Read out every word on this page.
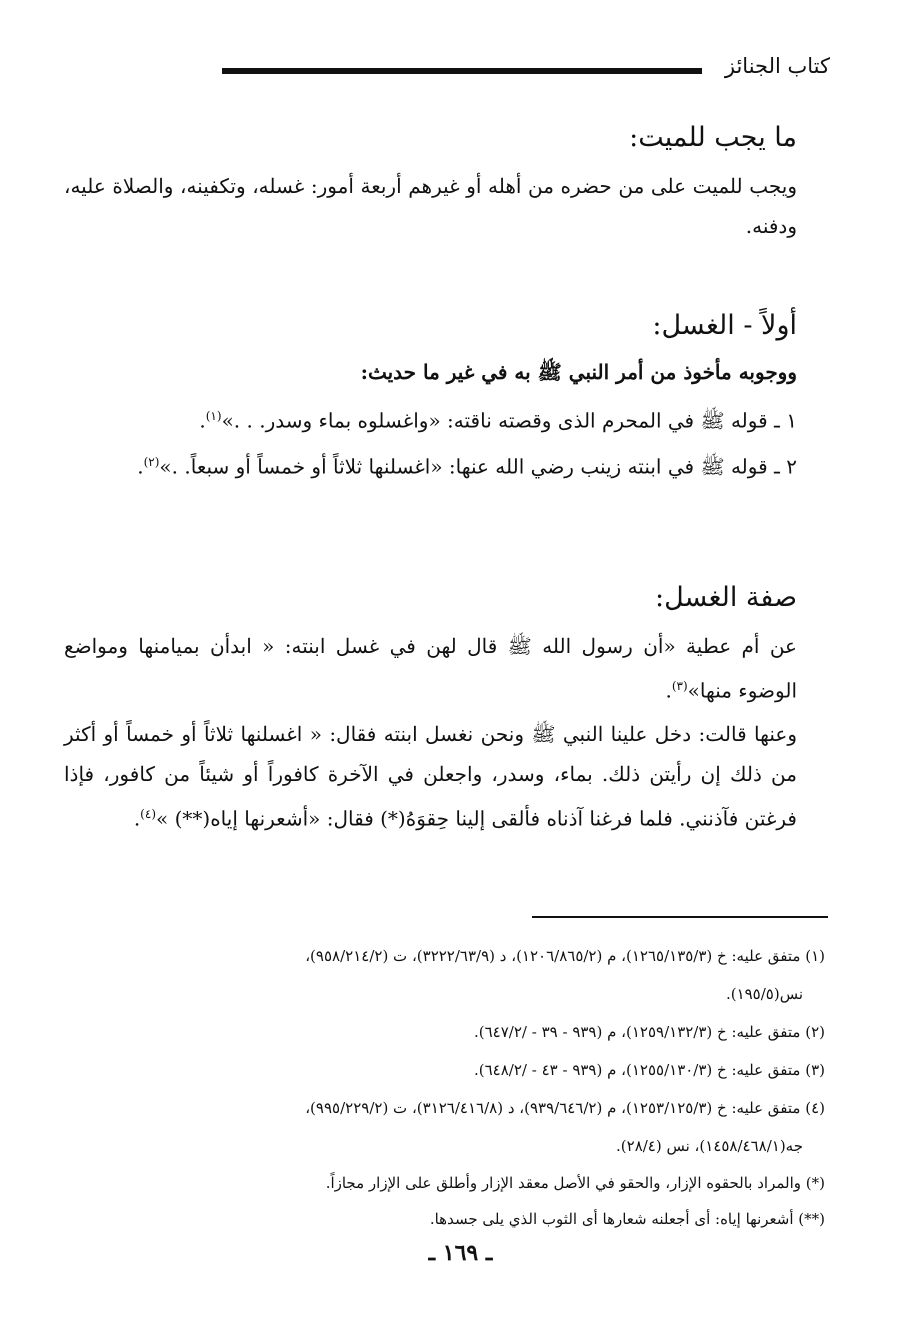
كتاب الجنائز
ما يجب للميت:
ويجب للميت على من حضره من أهله أو غيرهم أربعة أمور: غسله، وتكفينه، والصلاة عليه، ودفنه.
أولاً - الغسل:
ووجوبه مأخوذ من أمر النبي ﷺ به في غير ما حديث:
١ ـ قوله ﷺ في المحرم الذى وقصته ناقته: «واغسلوه بماء وسدر. . .»$^{(١)}$.
٢ ـ قوله ﷺ في ابنته زينب رضي الله عنها: «اغسلنها ثلاثاً أو خمساً أو سبعاً. .»$^{(٢)}$.
صفة الغسل:
عن أم عطية «أن رسول الله ﷺ قال لهن في غسل ابنته: « ابدأن بميامنها ومواضع الوضوء منها»$^{(٣)}$.
وعنها قالت: دخل علينا النبي ﷺ ونحن نغسل ابنته فقال: « اغسلنها ثلاثاً أو خمساً أو أكثر من ذلك إن رأيتن ذلك. بماء، وسدر، واجعلن في الآخرة كافوراً أو شيئاً من كافور، فإذا فرغتن فآذنني. فلما فرغنا آذناه فألقى إلينا حِقوَهُ(*) فقال: «أشعرنها إياه(**) »$^{(٤)}$.
(١) متفق عليه: خ (١٢٦٥/١٣٥/٣)، م (١٢٠٦/٨٦٥/٢)، د (٣٢٢٢/٦٣/٩)، ت (٩٥٨/٢١٤/٢)،
نس(١٩٥/٥).
(٢) متفق عليه: خ (١٢٥٩/١٣٢/٣)، م (٩٣٩ - ٣٩ - /٦٤٧/٢).
(٣) متفق عليه: خ (١٢٥٥/١٣٠/٣)، م (٩٣٩ - ٤٣ - /٦٤٨/٢).
(٤) متفق عليه: خ (١٢٥٣/١٢٥/٣)، م (٩٣٩/٦٤٦/٢)، د (٣١٢٦/٤١٦/٨)، ت (٩٩٥/٢٢٩/٢)،
جه(١٤٥٨/٤٦٨/١)، نس (٢٨/٤).
(*) والمراد بالحقوه الإزار، والحقو في الأصل معقد الإزار وأطلق على الإزار مجازاً.
(**) أشعرنها إياه: أى أجعلنه شعارها أى الثوب الذي يلى جسدها.
ـ ١٦٩ ـ
